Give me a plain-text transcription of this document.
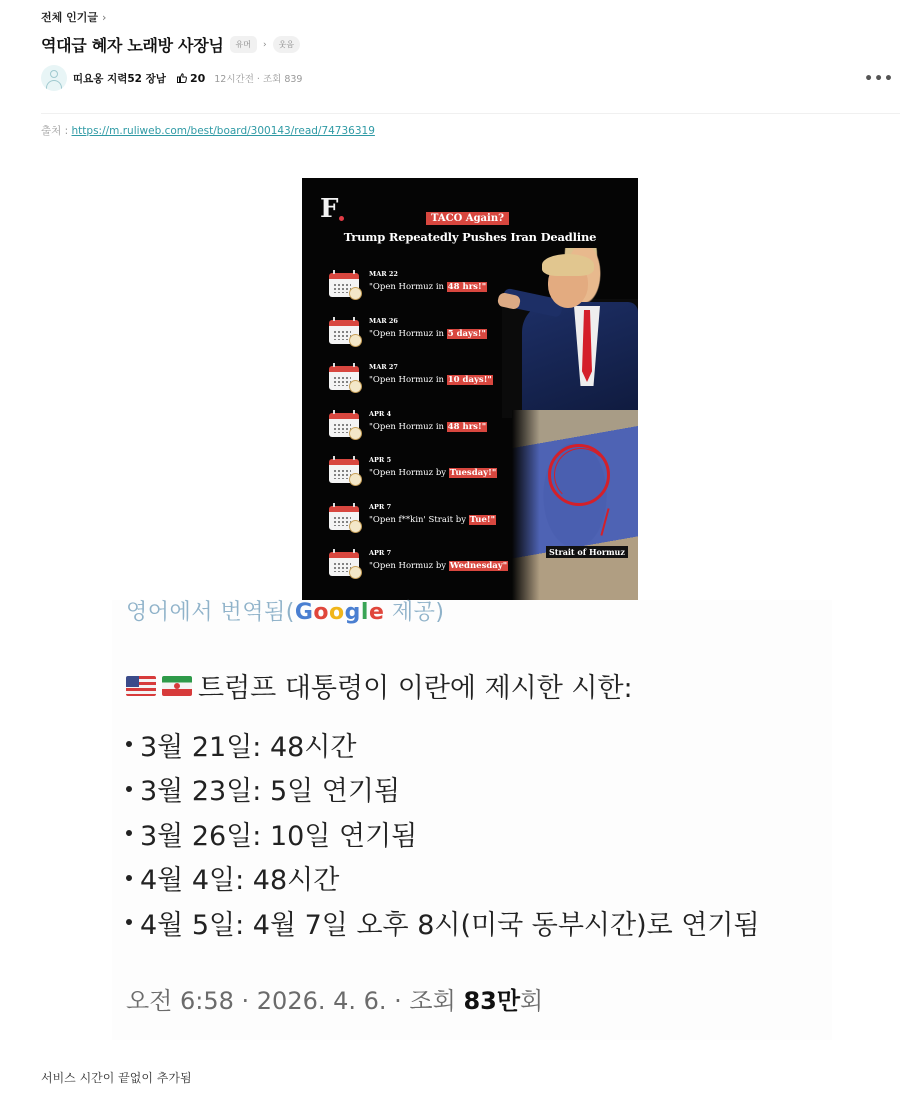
전체 인기글 ›
역대급 혜자 노래방 사장님	유머	›	웃음
띠요옹 지력52 장남 20 12시간전 · 조회 839	•••
출처 : https://m.ruliweb.com/best/board/300143/read/74736319
F	TACO Again?
Trump Repeatedly Pushes Iran Deadline
Strait of Hormuz
MAR 22
"Open Hormuz in 48 hrs!"
MAR 26
"Open Hormuz in 5 days!"
MAR 27
"Open Hormuz in 10 days!"
APR 4
"Open Hormuz in 48 hrs!"
APR 5
"Open Hormuz by Tuesday!"
APR 7
"Open f**kin' Strait by Tue!"
APR 7
"Open Hormuz by Wednesday"
영어에서 번역됨(Google 제공)
트럼프 대통령이 이란에 제시한 시한:
3월 21일: 48시간
3월 23일: 5일 연기됨
3월 26일: 10일 연기됨
4월 4일: 48시간
4월 5일: 4월 7일 오후 8시(미국 동부시간)로 연기됨
오전 6:58 · 2026. 4. 6. · 조회 83만회
서비스 시간이 끝없이 추가됨
